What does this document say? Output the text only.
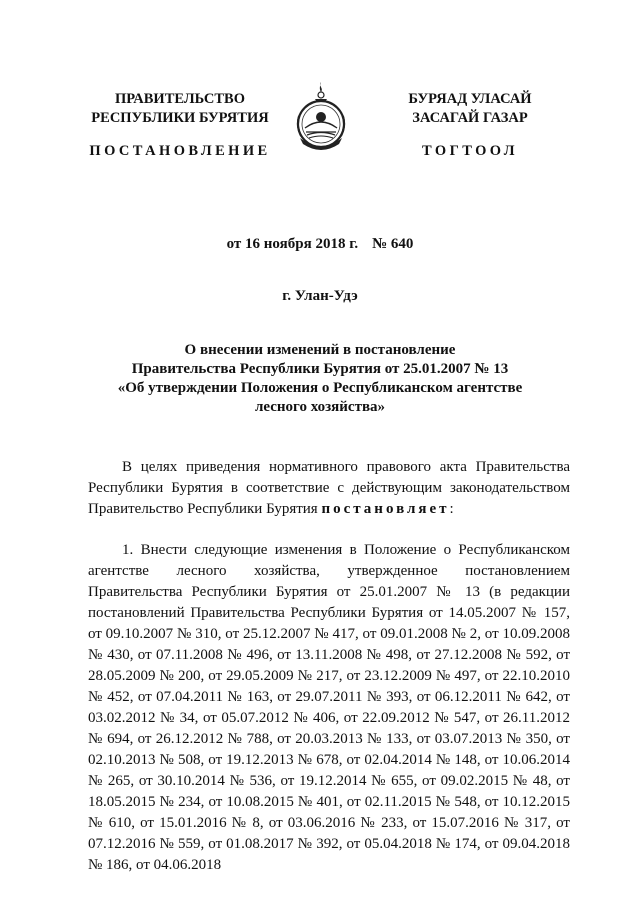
ПРАВИТЕЛЬСТВО
РЕСПУБЛИКИ БУРЯТИЯ
ПОСТАНОВЛЕНИЕ
БУРЯАД УЛАСАЙ
ЗАСАГАЙ ГАЗАР
ТОГТООЛ
от 16 ноября 2018 г. № 640
г. Улан-Удэ
О внесении изменений в постановление
Правительства Республики Бурятия от 25.01.2007 № 13
«Об утверждении Положения о Республиканском агентстве
лесного хозяйства»
В целях приведения нормативного правового акта Правительства Республики Бурятия в соответствие с действующим законодательством Правительство Республики Бурятия постановляет:
1. Внести следующие изменения в Положение о Республиканском агентстве лесного хозяйства, утвержденное постановлением Правительства Республики Бурятия от 25.01.2007 № 13 (в редакции постановлений Правительства Республики Бурятия от 14.05.2007 № 157, от 09.10.2007 № 310, от 25.12.2007 № 417, от 09.01.2008 № 2, от 10.09.2008 № 430, от 07.11.2008 № 496, от 13.11.2008 № 498, от 27.12.2008 № 592, от 28.05.2009 № 200, от 29.05.2009 № 217, от 23.12.2009 № 497, от 22.10.2010 № 452, от 07.04.2011 № 163, от 29.07.2011 № 393, от 06.12.2011 № 642, от 03.02.2012 № 34, от 05.07.2012 № 406, от 22.09.2012 № 547, от 26.11.2012 № 694, от 26.12.2012 № 788, от 20.03.2013 № 133, от 03.07.2013 № 350, от 02.10.2013 № 508, от 19.12.2013 № 678, от 02.04.2014 № 148, от 10.06.2014 № 265, от 30.10.2014 № 536, от 19.12.2014 № 655, от 09.02.2015 № 48, от 18.05.2015 № 234, от 10.08.2015 № 401, от 02.11.2015 № 548, от 10.12.2015 № 610, от 15.01.2016 № 8, от 03.06.2016 № 233, от 15.07.2016 № 317, от 07.12.2016 № 559, от 01.08.2017 № 392, от 05.04.2018 № 174, от 09.04.2018 № 186, от 04.06.2018
